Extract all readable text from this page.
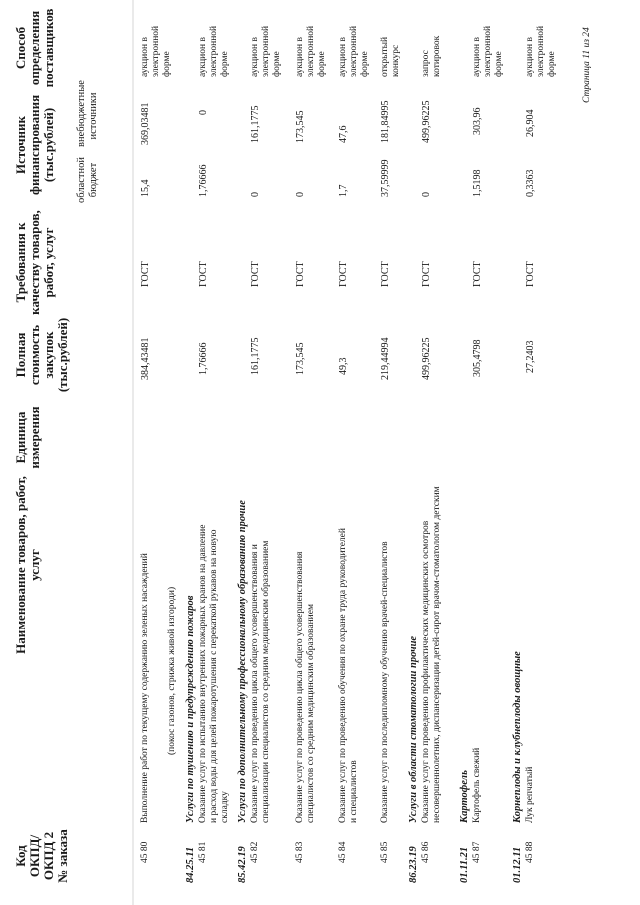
Код ОКПД/ ОКПД 2 № заказа
Наименование товаров, работ, услуг
Единица измерения
Полная стоимость закупок (тыс.рублей)
Требования к качеству товаров, работ, услуг
Источник финансирования (тыс.рублей) областной бюджет
внебюджетные источники
Способ определения поставщиков
45 80
Выполнение работ по текущему содержанию зеленых насаждений
384,43481
ГОСТ
15,4
369,03481
аукцион в электронной форме
(покос газонов, стрижка живой изгороди)
84.25.11
Услуги по тушению и предупреждению пожаров
45 81
Оказание услуг по испытанию внутренних пожарных кранов на давление и расход воды для целей пожаротушения с перекаткой рукавов на новую складку
1,76666
ГОСТ
1,76666
0
аукцион в электронной форме
85.42.19
Услуги по дополнительному профессиональному образованию прочие
45 82
Оказание услуг по проведению цикла общего усовершенствования и специализации специалистов со средним медицинским образованием
161,1775
ГОСТ
0
161,1775
аукцион в электронной форме
45 83
Оказание услуг по проведению цикла общего усовершенствования специалистов со средним медицинским образованием
173,545
ГОСТ
0
173,545
аукцион в электронной форме
45 84
Оказание услуг по проведению обучения по охране труда руководителей и специалистов
49,3
ГОСТ
1,7
47,6
аукцион в электронной форме
45 85
Оказание услуг по последипломному обучению врачей-специалистов
219,44994
ГОСТ
37,59999
181,84995
открытый конкурс
86.23.19
Услуги в области стоматологии прочие
45 86
Оказание услуг по проведению профилактических медицинских осмотров несовершеннолетних, диспансеризации детей-сирот врачом-стоматологом детским
499,96225
ГОСТ
0
499,96225
запрос котировок
01.11.21
Картофель
45 87
Картофель свежий
305,4798
ГОСТ
1,5198
303,96
аукцион в электронной форме
01.12.11
Корнеплоды и клубнеплоды овощные
45 88
Лук репчатый
27,2403
ГОСТ
0,3363
26,904
аукцион в электронной форме	Страница 11 из 24
